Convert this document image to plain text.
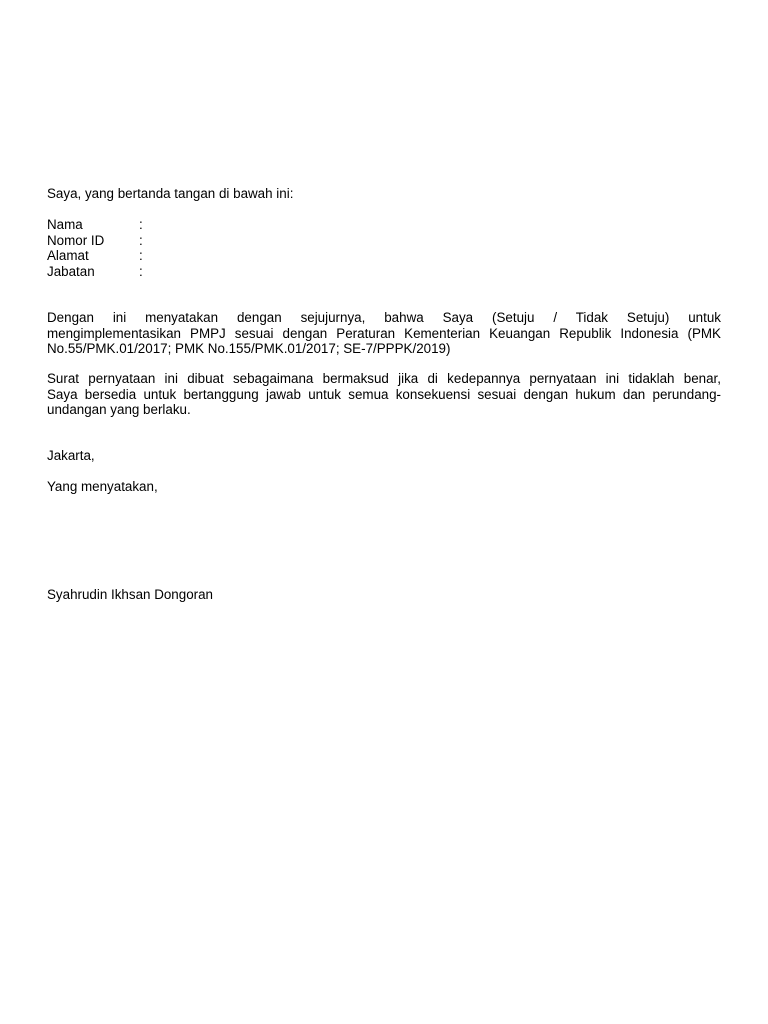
Saya, yang bertanda tangan di bawah ini:
Nama	:
Nomor ID	:
Alamat	:
Jabatan	:
Dengan ini menyatakan dengan sejujurnya, bahwa Saya (Setuju / Tidak Setuju) untuk
mengimplementasikan PMPJ sesuai dengan Peraturan Kementerian Keuangan Republik Indonesia (PMK
No.55/PMK.01/2017; PMK No.155/PMK.01/2017; SE-7/PPPK/2019)
Surat pernyataan ini dibuat sebagaimana bermaksud jika di kedepannya pernyataan ini tidaklah benar,
Saya bersedia untuk bertanggung jawab untuk semua konsekuensi sesuai dengan hukum dan perundang-
undangan yang berlaku.
Jakarta,
Yang menyatakan,
Syahrudin Ikhsan Dongoran
